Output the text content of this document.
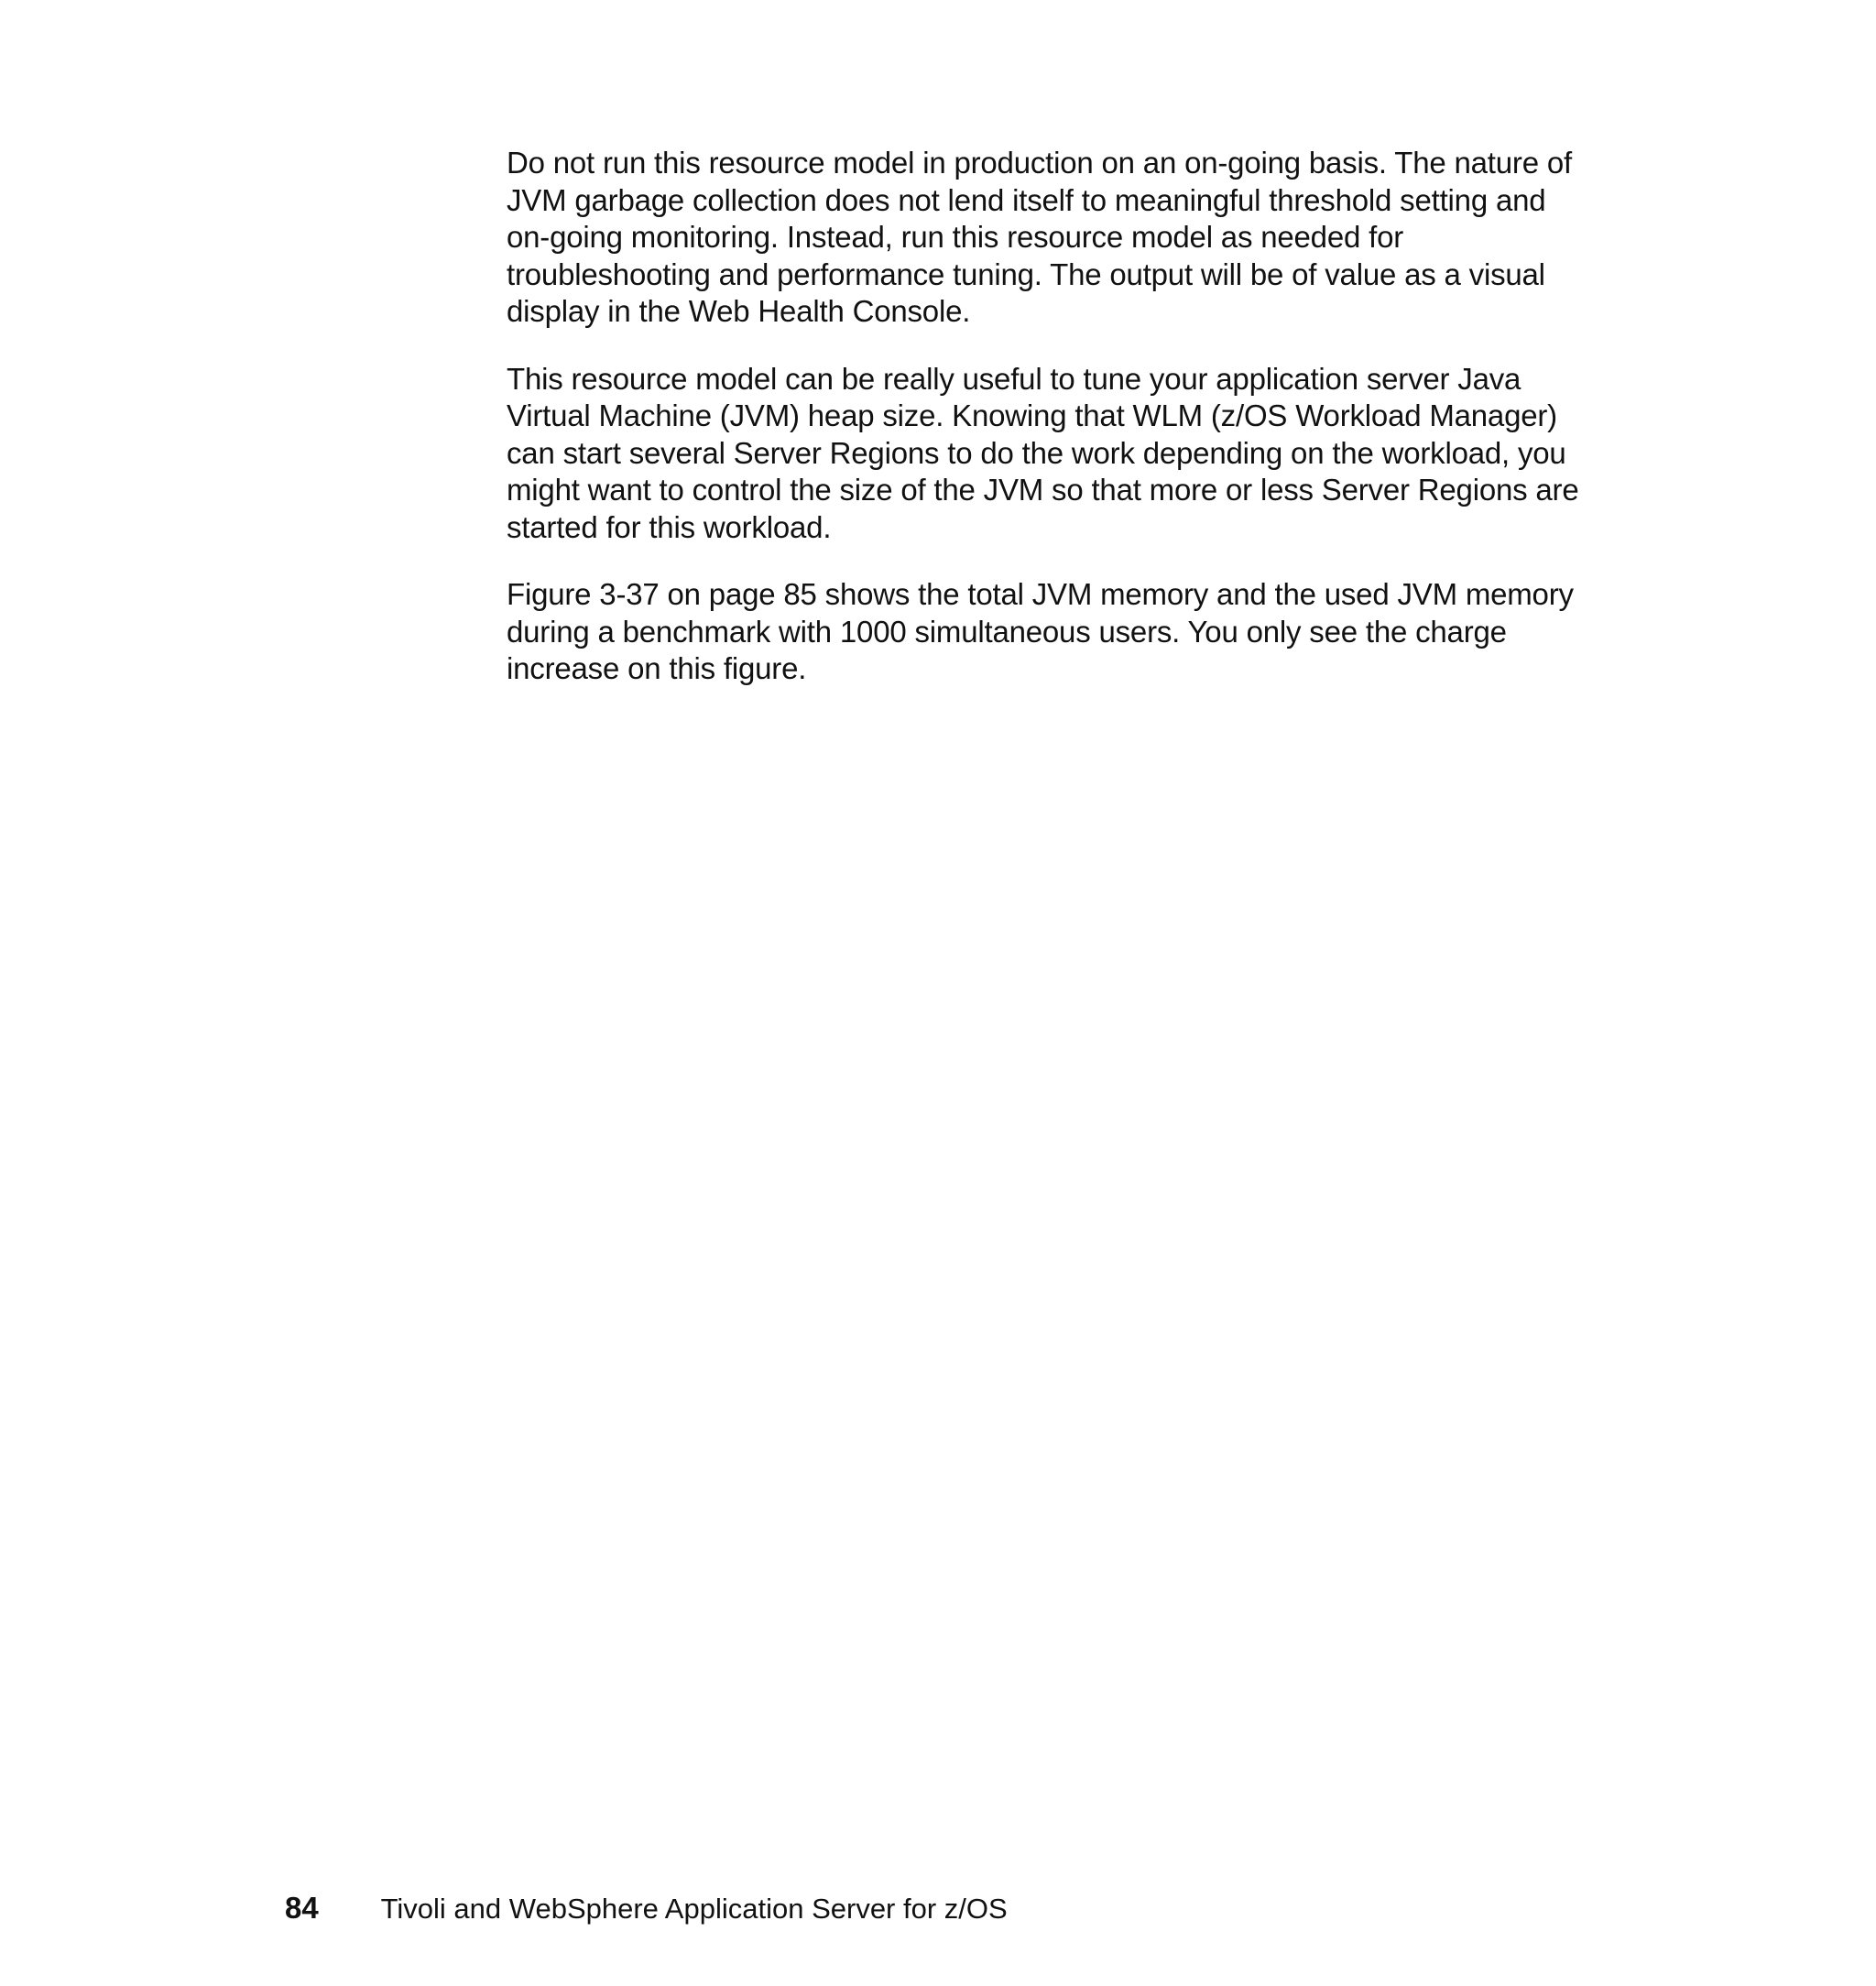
Do not run this resource model in production on an on-going basis. The nature of
JVM garbage collection does not lend itself to meaningful threshold setting and
on-going monitoring. Instead, run this resource model as needed for
troubleshooting and performance tuning. The output will be of value as a visual
display in the Web Health Console.

This resource model can be really useful to tune your application server Java
Virtual Machine (JVM) heap size. Knowing that WLM (z/OS Workload Manager)
can start several Server Regions to do the work depending on the workload, you
might want to control the size of the JVM so that more or less Server Regions are
started for this workload.

Figure 3-37 on page 85 shows the total JVM memory and the used JVM memory
during a benchmark with 1000 simultaneous users. You only see the charge
increase on this figure.

84 Tivoli and WebSphere Application Server for z/OS
